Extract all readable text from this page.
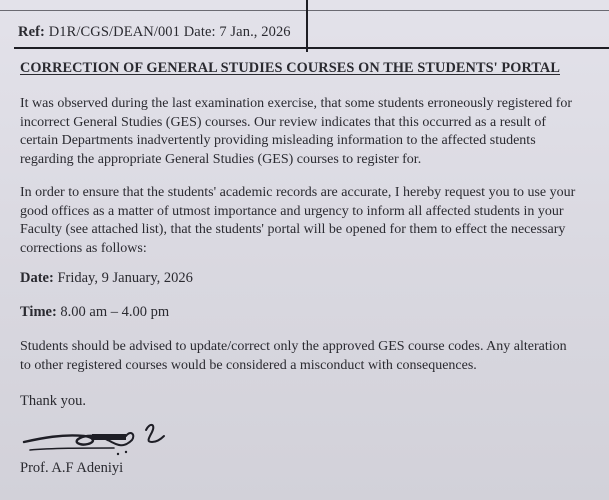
Ref: D1R/CGS/DEAN/001 Date: 7 Jan., 2026
CORRECTION OF GENERAL STUDIES COURSES ON THE STUDENTS' PORTAL

It was observed during the last examination exercise, that some students erroneously registered for incorrect General Studies (GES) courses. Our review indicates that this occurred as a result of certain Departments inadvertently providing misleading information to the affected students regarding the appropriate General Studies (GES) courses to register for.

In order to ensure that the students' academic records are accurate, I hereby request you to use your good offices as a matter of utmost importance and urgency to inform all affected students in your Faculty (see attached list), that the students' portal will be opened for them to effect the necessary corrections as follows:

Date: Friday, 9 January, 2026
Time: 8.00 am – 4.00 pm

Students should be advised to update/correct only the approved GES course codes. Any alteration to other registered courses would be considered a misconduct with consequences.

Thank you.
Prof. A.F Adeniyi
